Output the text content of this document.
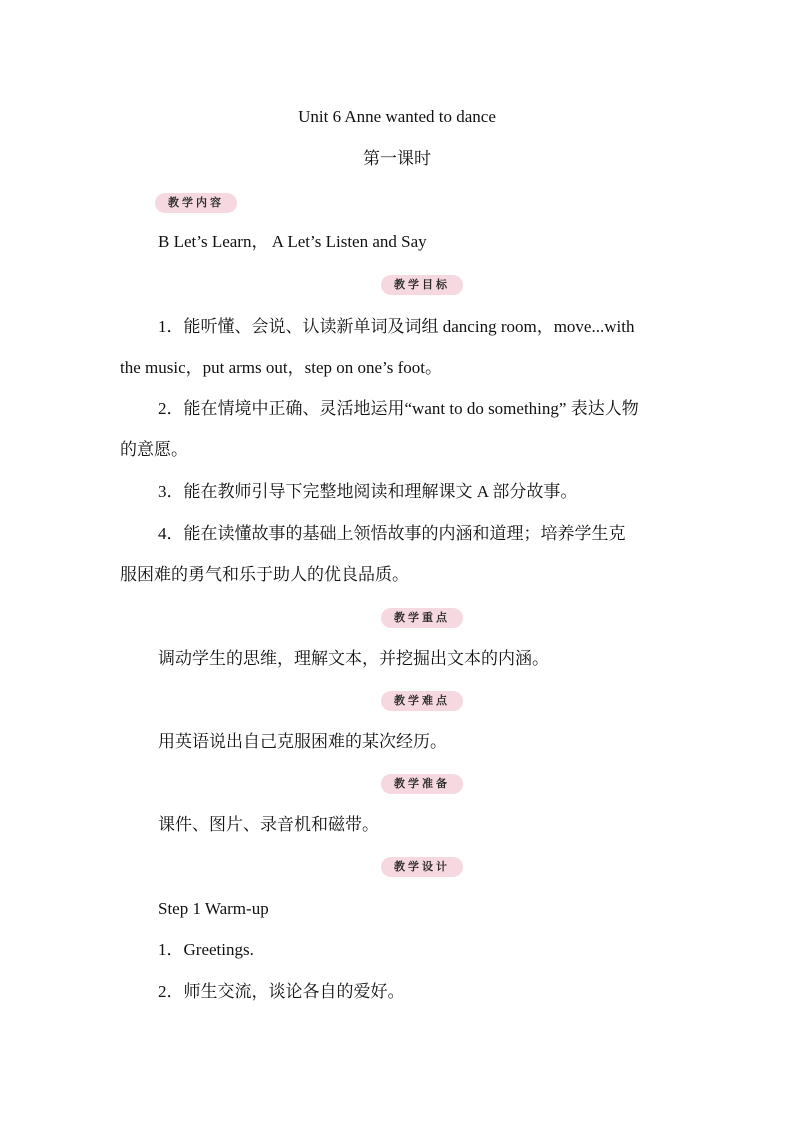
Unit 6 Anne wanted to dance
第一课时
教学内容
B Let’s Learn， A Let’s Listen and Say
教学目标
1．能听懂、会说、认读新单词及词组 dancing room，move...with
the music，put arms out，step on one’s foot。
2．能在情境中正确、灵活地运用“want to do something” 表达人物
的意愿。
3．能在教师引导下完整地阅读和理解课文 A 部分故事。
4．能在读懂故事的基础上领悟故事的内涵和道理；培养学生克
服困难的勇气和乐于助人的优良品质。
教学重点
调动学生的思维，理解文本，并挖掘出文本的内涵。
教学难点
用英语说出自己克服困难的某次经历。
教学准备
课件、图片、录音机和磁带。
教学设计
Step 1 Warm-up
1．Greetings.
2．师生交流，谈论各自的爱好。
